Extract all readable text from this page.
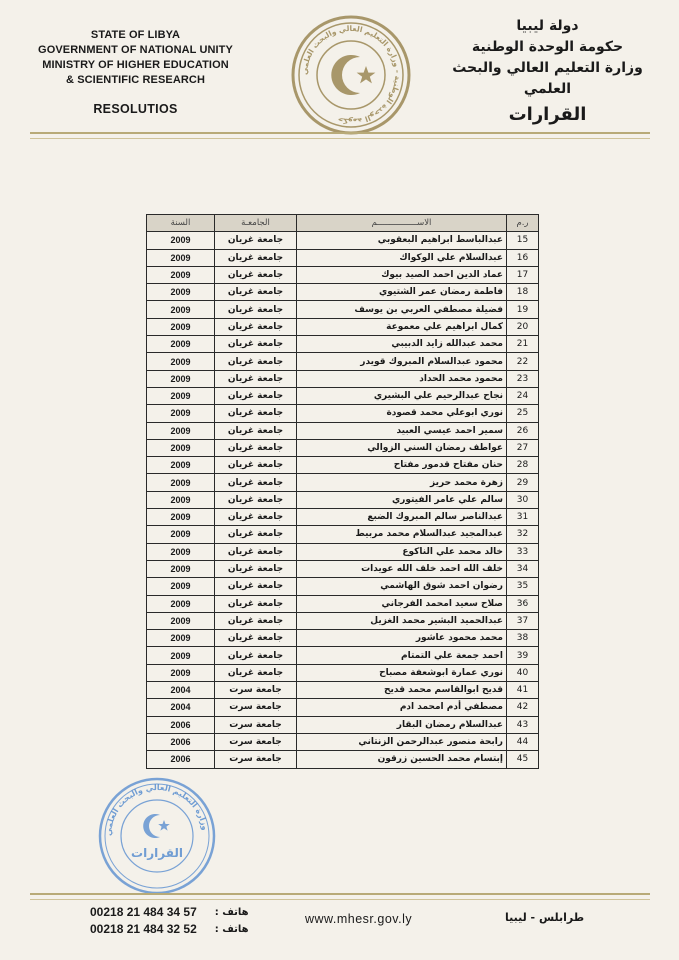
STATE OF LIBYA
GOVERNMENT OF NATIONAL UNITY
MINISTRY OF HIGHER EDUCATION
& SCIENTIFIC RESEARCH
RESOLUTIOS
حكومة الوحدة الوطنية - وزارة التعليم العالي والبحث العلمي
دولة ليبيا
حكومة الوحدة الوطنية
وزارة التعليم العالي والبحث العلمي
القرارات
ر.م	الاســــــــــــــــم	الجامعـة	السنة
15	عبدالباسط ابراهيم البعقوبي	جامعة غريان	2009
16	عبدالسلام علي الوكواك	جامعة غريان	2009
17	عماد الدين احمد الصيد بيوك	جامعة غريان	2009
18	فاطمة رمضان عمر الشتيوي	جامعة غريان	2009
19	فضيلة مصطفي العربي بن يوسف	جامعة غريان	2009
20	كمال ابراهيم علي معموعة	جامعة غريان	2009
21	محمد عبدالله زايد الدبيبي	جامعة غريان	2009
22	محمود عبدالسلام المبروك قويدر	جامعة غريان	2009
23	محمود محمد الحداد	جامعة غريان	2009
24	نجاح عبدالرحيم علي البشيري	جامعة غريان	2009
25	نوري ابوعلي محمد قصودة	جامعة غريان	2009
26	سمير احمد عيسي العبيد	جامعة غريان	2009
27	عواطف رمضان السني الزوالي	جامعة غريان	2009
28	حنان مفتاح قدمور مفتاح	جامعة غريان	2009
29	زهرة محمد حريز	جامعة غريان	2009
30	سالم علي عامر الفيتوري	جامعة غريان	2009
31	عبدالناصر سالم المبروك الضبع	جامعة غريان	2009
32	عبدالمجيد عبدالسلام محمد مربيط	جامعة غريان	2009
33	خالد محمد علي الناكوع	جامعة غريان	2009
34	خلف الله احمد خلف الله عويدات	جامعة غريان	2009
35	رضوان احمد شوق الهاشمي	جامعة غريان	2009
36	صلاح سعيد امحمد الفرجاني	جامعة غريان	2009
37	عبدالحميد البشير محمد الغزيل	جامعة غريان	2009
38	محمد محمود عاشور	جامعة غريان	2009
39	احمد جمعة علي التمتام	جامعة غريان	2009
40	نوري عمارة ابوشعفة مصباح	جامعة غريان	2009
41	قديح ابوالقاسم محمد قديح	جامعة سرت	2004
42	مصطفي أدم امحمد ادم	جامعة سرت	2004
43	عبدالسلام رمضان البقار	جامعة سرت	2006
44	رابحة منصور عبدالرحمن الزنتاني	جامعة سرت	2006
45	إبتسام محمد الحسين زرقون	جامعة سرت	2006
وزارة التعليم العالي والبحث العلمي
القرارات
00218 21 484 34 57 هاتف :
00218 21 484 32 52 هاتف :
www.mhesr.gov.ly	طرابلس - ليبيا
